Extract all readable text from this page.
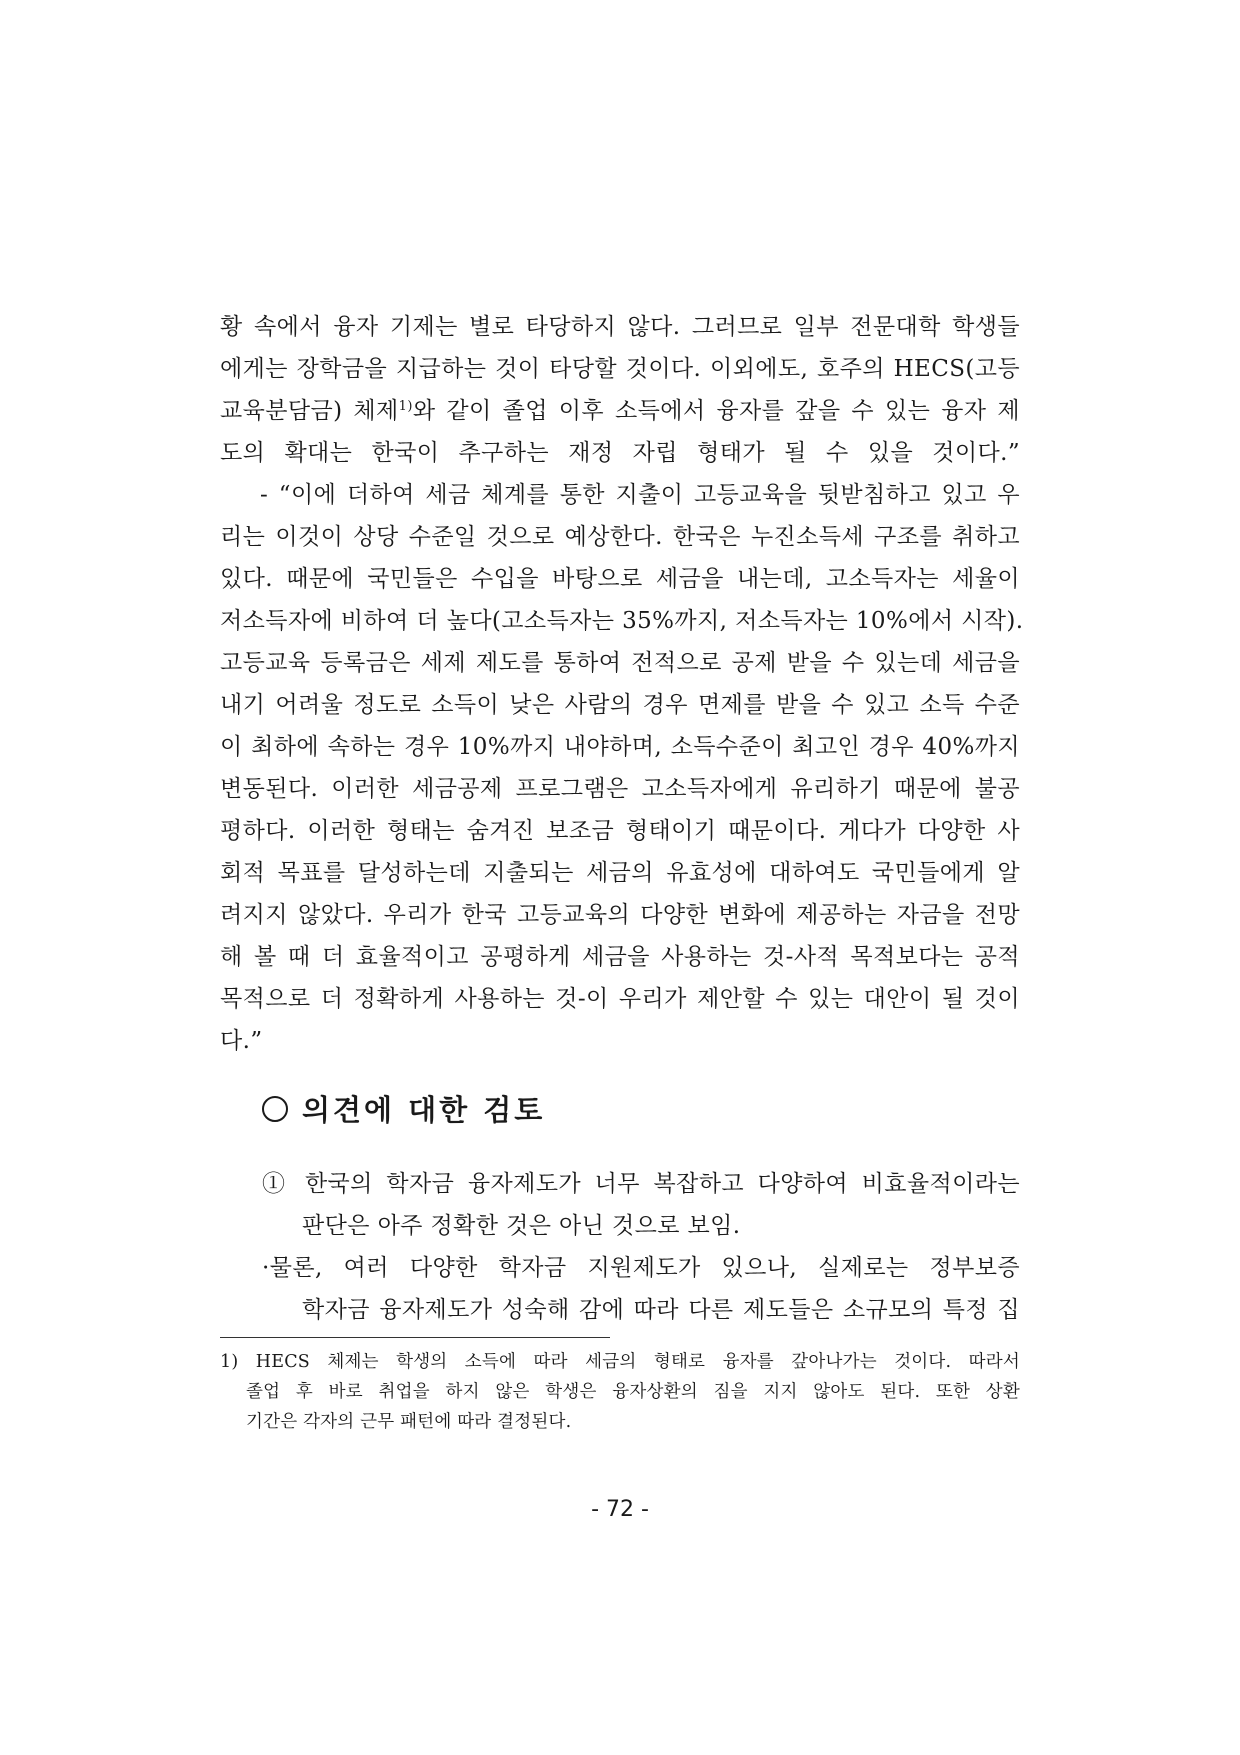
황 속에서 융자 기제는 별로 타당하지 않다. 그러므로 일부 전문대학 학생들
에게는 장학금을 지급하는 것이 타당할 것이다. 이외에도, 호주의 HECS(고등
교육분담금) 체제$^{1)}$와 같이 졸업 이후 소득에서 융자를 갚을 수 있는 융자 제
도의 확대는 한국이 추구하는 재정 자립 형태가 될 수 있을 것이다.”
- “이에 더하여 세금 체계를 통한 지출이 고등교육을 뒷받침하고 있고 우
리는 이것이 상당 수준일 것으로 예상한다. 한국은 누진소득세 구조를 취하고
있다. 때문에 국민들은 수입을 바탕으로 세금을 내는데, 고소득자는 세율이
저소득자에 비하여 더 높다(고소득자는 35%까지, 저소득자는 10%에서 시작).
고등교육 등록금은 세제 제도를 통하여 전적으로 공제 받을 수 있는데 세금을
내기 어려울 정도로 소득이 낮은 사람의 경우 면제를 받을 수 있고 소득 수준
이 최하에 속하는 경우 10%까지 내야하며, 소득수준이 최고인 경우 40%까지
변동된다. 이러한 세금공제 프로그램은 고소득자에게 유리하기 때문에 불공
평하다. 이러한 형태는 숨겨진 보조금 형태이기 때문이다. 게다가 다양한 사
회적 목표를 달성하는데 지출되는 세금의 유효성에 대하여도 국민들에게 알
려지지 않았다. 우리가 한국 고등교육의 다양한 변화에 제공하는 자금을 전망
해 볼 때 더 효율적이고 공평하게 세금을 사용하는 것-사적 목적보다는 공적
목적으로 더 정확하게 사용하는 것-이 우리가 제안할 수 있는 대안이 될 것이
다.”
의견에 대한 검토
① 한국의 학자금 융자제도가 너무 복잡하고 다양하여 비효율적이라는
판단은 아주 정확한 것은 아닌 것으로 보임.
·물론, 여러 다양한 학자금 지원제도가 있으나, 실제로는 정부보증
학자금 융자제도가 성숙해 감에 따라 다른 제도들은 소규모의 특정 집
1) HECS 체제는 학생의 소득에 따라 세금의 형태로 융자를 갚아나가는 것이다. 따라서
졸업 후 바로 취업을 하지 않은 학생은 융자상환의 짐을 지지 않아도 된다. 또한 상환
기간은 각자의 근무 패턴에 따라 결정된다.
- 72 -
